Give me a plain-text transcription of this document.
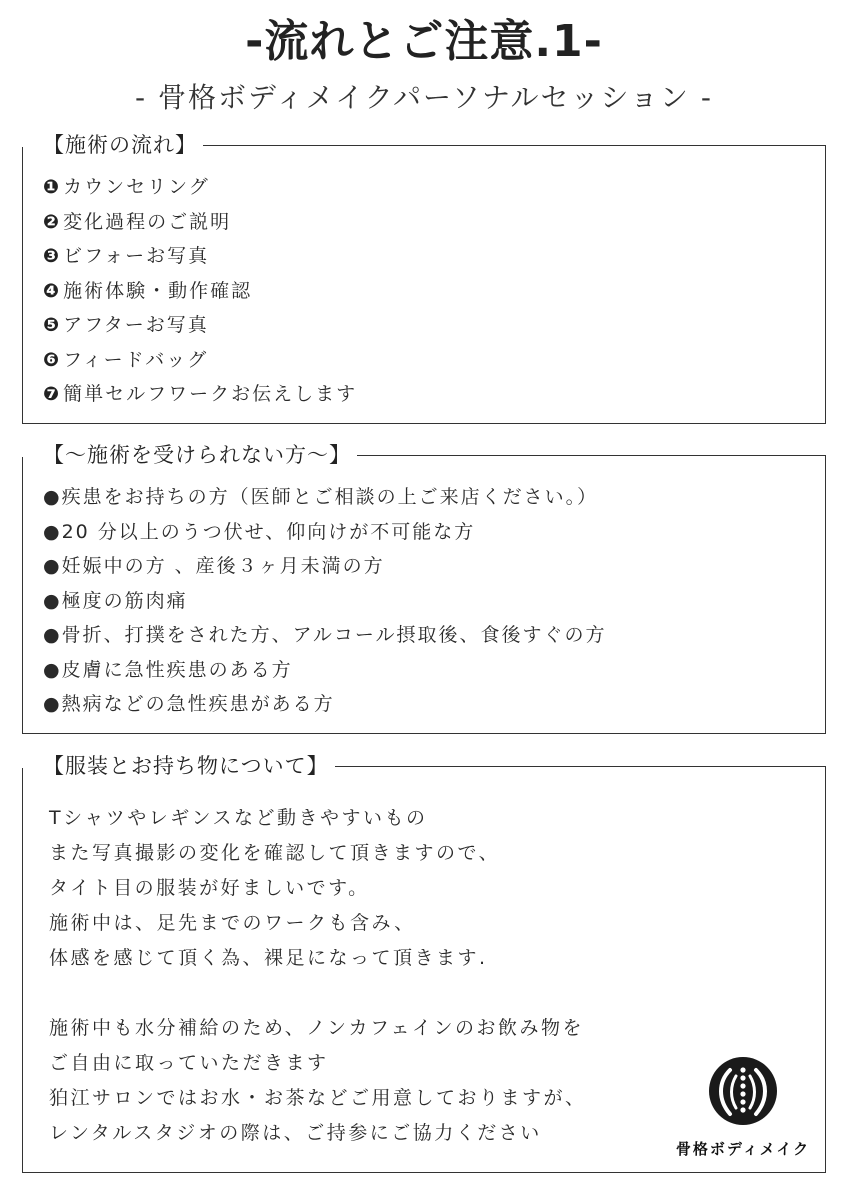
-流れとご注意.1-
- 骨格ボディメイクパーソナルセッション -
【施術の流れ】
❶ カウンセリング
❷ 変化過程のご説明
❸ ビフォーお写真
❹ 施術体験・動作確認
❺ アフターお写真
❻ フィードバッグ
❼ 簡単セルフワークお伝えします
【〜施術を受けられない方〜】
●疾患をお持ちの方（医師とご相談の上ご来店ください。）
●20 分以上のうつ伏せ、仰向けが不可能な方
●妊娠中の方 、産後３ヶ月未満の方
●極度の筋肉痛
●骨折、打撲をされた方、アルコール摂取後、食後すぐの方
●皮膚に急性疾患のある方
●熱病などの急性疾患がある方
【服装とお持ち物について】

Tシャツやレギンスなど動きやすいもの

また写真撮影の変化を確認して頂きますので、

タイト目の服装が好ましいです。

施術中は、足先までのワークも含み、

体感を感じて頂く為、裸足になって頂きます.

施術中も水分補給のため、ノンカフェインのお飲み物を

ご自由に取っていただきます

狛江サロンではお水・お茶などご用意しておりますが、

レンタルスタジオの際は、ご持参にご協力ください

骨格ボディメイク
